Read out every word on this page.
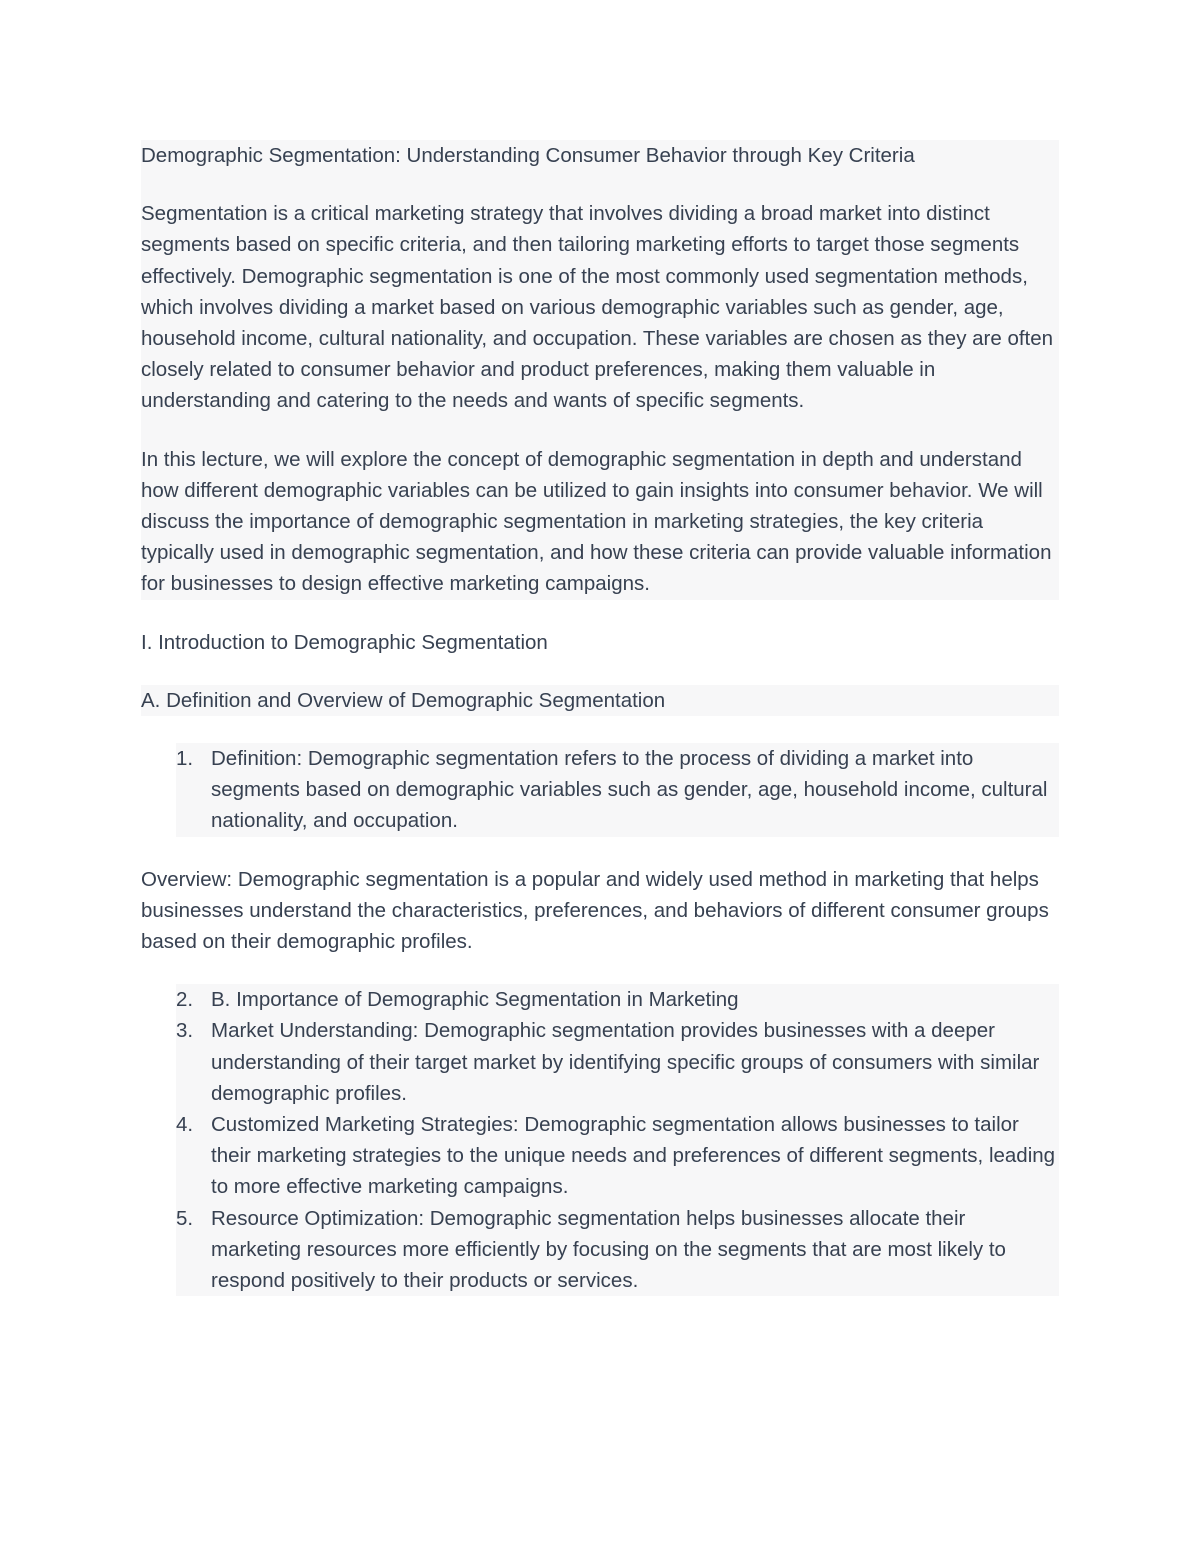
Demographic Segmentation: Understanding Consumer Behavior through Key Criteria

Segmentation is a critical marketing strategy that involves dividing a broad market into distinct segments based on specific criteria, and then tailoring marketing efforts to target those segments effectively. Demographic segmentation is one of the most commonly used segmentation methods, which involves dividing a market based on various demographic variables such as gender, age, household income, cultural nationality, and occupation. These variables are chosen as they are often closely related to consumer behavior and product preferences, making them valuable in understanding and catering to the needs and wants of specific segments.

In this lecture, we will explore the concept of demographic segmentation in depth and understand how different demographic variables can be utilized to gain insights into consumer behavior. We will discuss the importance of demographic segmentation in marketing strategies, the key criteria typically used in demographic segmentation, and how these criteria can provide valuable information for businesses to design effective marketing campaigns.

I. Introduction to Demographic Segmentation

A. Definition and Overview of Demographic Segmentation

1. Definition: Demographic segmentation refers to the process of dividing a market into segments based on demographic variables such as gender, age, household income, cultural nationality, and occupation.

Overview: Demographic segmentation is a popular and widely used method in marketing that helps businesses understand the characteristics, preferences, and behaviors of different consumer groups based on their demographic profiles.

2. B. Importance of Demographic Segmentation in Marketing
3. Market Understanding: Demographic segmentation provides businesses with a deeper understanding of their target market by identifying specific groups of consumers with similar demographic profiles.
4. Customized Marketing Strategies: Demographic segmentation allows businesses to tailor their marketing strategies to the unique needs and preferences of different segments, leading to more effective marketing campaigns.
5. Resource Optimization: Demographic segmentation helps businesses allocate their marketing resources more efficiently by focusing on the segments that are most likely to respond positively to their products or services.
